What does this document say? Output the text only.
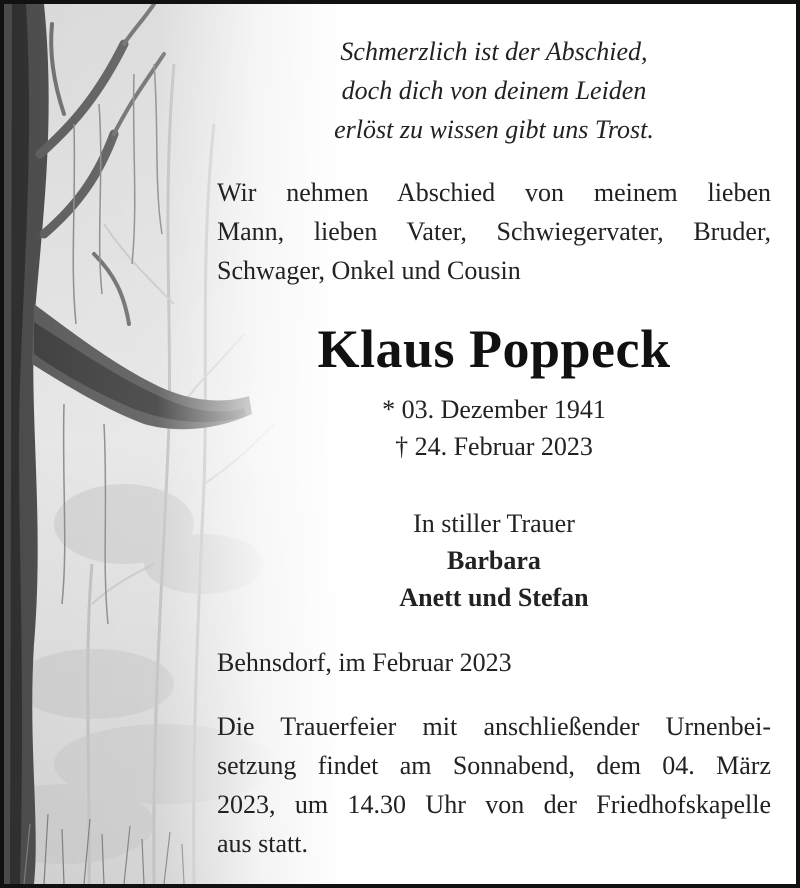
Schmerzlich ist der Abschied,
doch dich von deinem Leiden
erlöst zu wissen gibt uns Trost.
Wir nehmen Abschied von meinem lieben
Mann, lieben Vater, Schwiegervater, Bruder,
Schwager, Onkel und Cousin
Klaus Poppeck
* 03. Dezember 1941
† 24. Februar 2023
In stiller Trauer
Barbara
Anett und Stefan
Behnsdorf, im Februar 2023
Die Trauerfeier mit anschließender Urnenbei-
setzung findet am Sonnabend, dem 04. März
2023, um 14.30 Uhr von der Friedhofskapelle
aus statt.
